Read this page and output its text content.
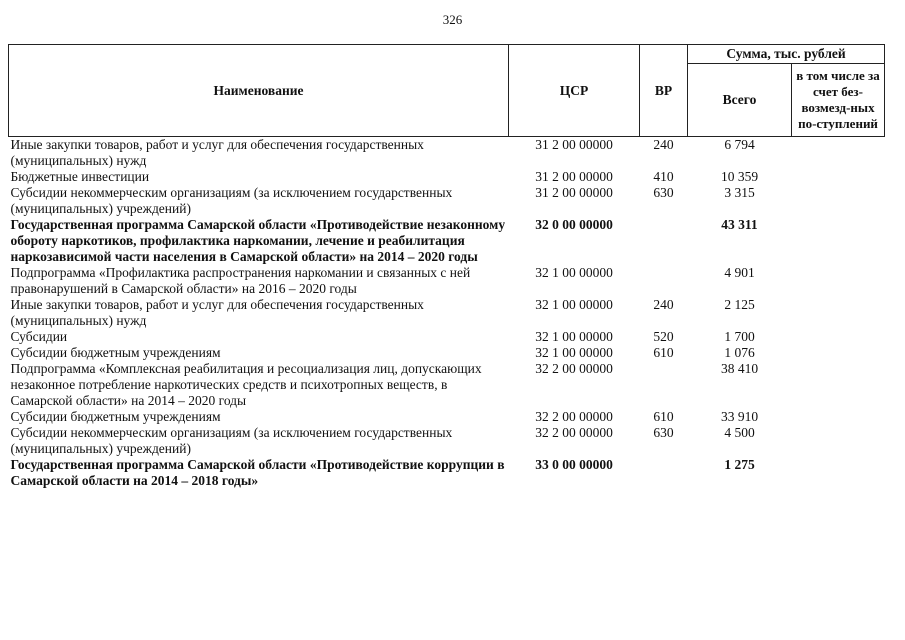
326
Наименование	ЦСР	ВР	Сумма, тыс. рублей	
			Всего	в том числе за счет без-возмезд-ных по-ступлений
Иные закупки товаров, работ и услуг для обеспечения государственных (муниципальных) нужд	31 2 00 00000	240	6 794	
Бюджетные инвестиции	31 2 00 00000	410	10 359	
Субсидии некоммерческим организациям (за исключением государственных (муниципальных) учреждений)	31 2 00 00000	630	3 315	
Государственная программа Самарской области «Противодействие незаконному обороту наркотиков, профилактика наркомании, лечение и реабилитация наркозависимой части населения в Самарской области» на 2014 – 2020 годы	32 0 00 00000		43 311	
Подпрограмма «Профилактика распространения наркомании и связанных с ней правонарушений в Самарской области» на 2016 – 2020 годы	32 1 00 00000		4 901	
Иные закупки товаров, работ и услуг для обеспечения государственных (муниципальных) нужд	32 1 00 00000	240	2 125	
Субсидии	32 1 00 00000	520	1 700	
Субсидии бюджетным учреждениям	32 1 00 00000	610	1 076	
Подпрограмма «Комплексная реабилитация и ресоциализация лиц, допускающих незаконное потребление наркотических средств и психотропных веществ, в Самарской области» на 2014 – 2020 годы	32 2 00 00000		38 410	
Субсидии бюджетным учреждениям	32 2 00 00000	610	33 910	
Субсидии некоммерческим организациям (за исключением государственных (муниципальных) учреждений)	32 2 00 00000	630	4 500	
Государственная программа Самарской области «Противодействие коррупции в Самарской области на 2014 – 2018 годы»	33 0 00 00000		1 275	
